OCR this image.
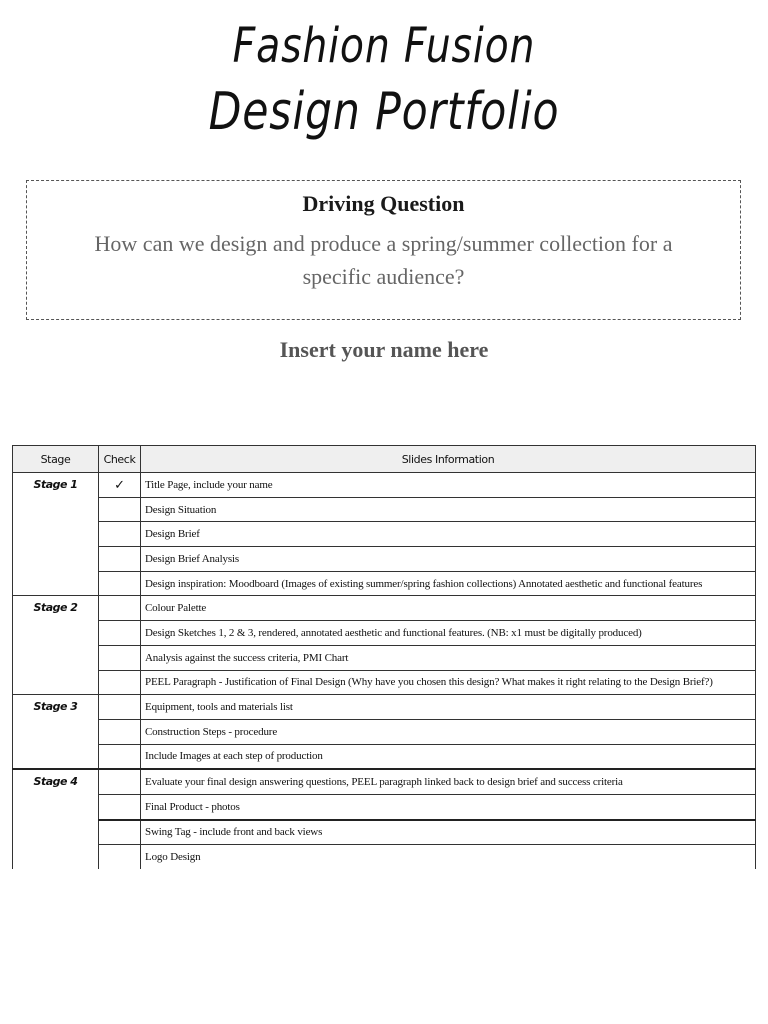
Fashion Fusion
Design Portfolio
Driving Question
How can we design and produce a spring/summer collection for a specific audience?
Insert your name here
Stage	Check	Slides Information
Stage 1	✓	Title Page, include your name
		Design Situation
		Design Brief
		Design Brief Analysis
		Design inspiration: Moodboard (Images of existing summer/spring fashion collections) Annotated aesthetic and functional features
Stage 2		Colour Palette
		Design Sketches 1, 2 & 3, rendered, annotated aesthetic and functional features. (NB: x1 must be digitally produced)
		Analysis against the success criteria, PMI Chart
		PEEL Paragraph - Justification of Final Design (Why have you chosen this design? What makes it right relating to the Design Brief?)
Stage 3		Equipment, tools and materials list
		Construction Steps - procedure
		Include Images at each step of production
Stage 4		Evaluate your final design answering questions, PEEL paragraph linked back to design brief and success criteria
		Final Product - photos
		Swing Tag - include front and back views
		Logo Design
